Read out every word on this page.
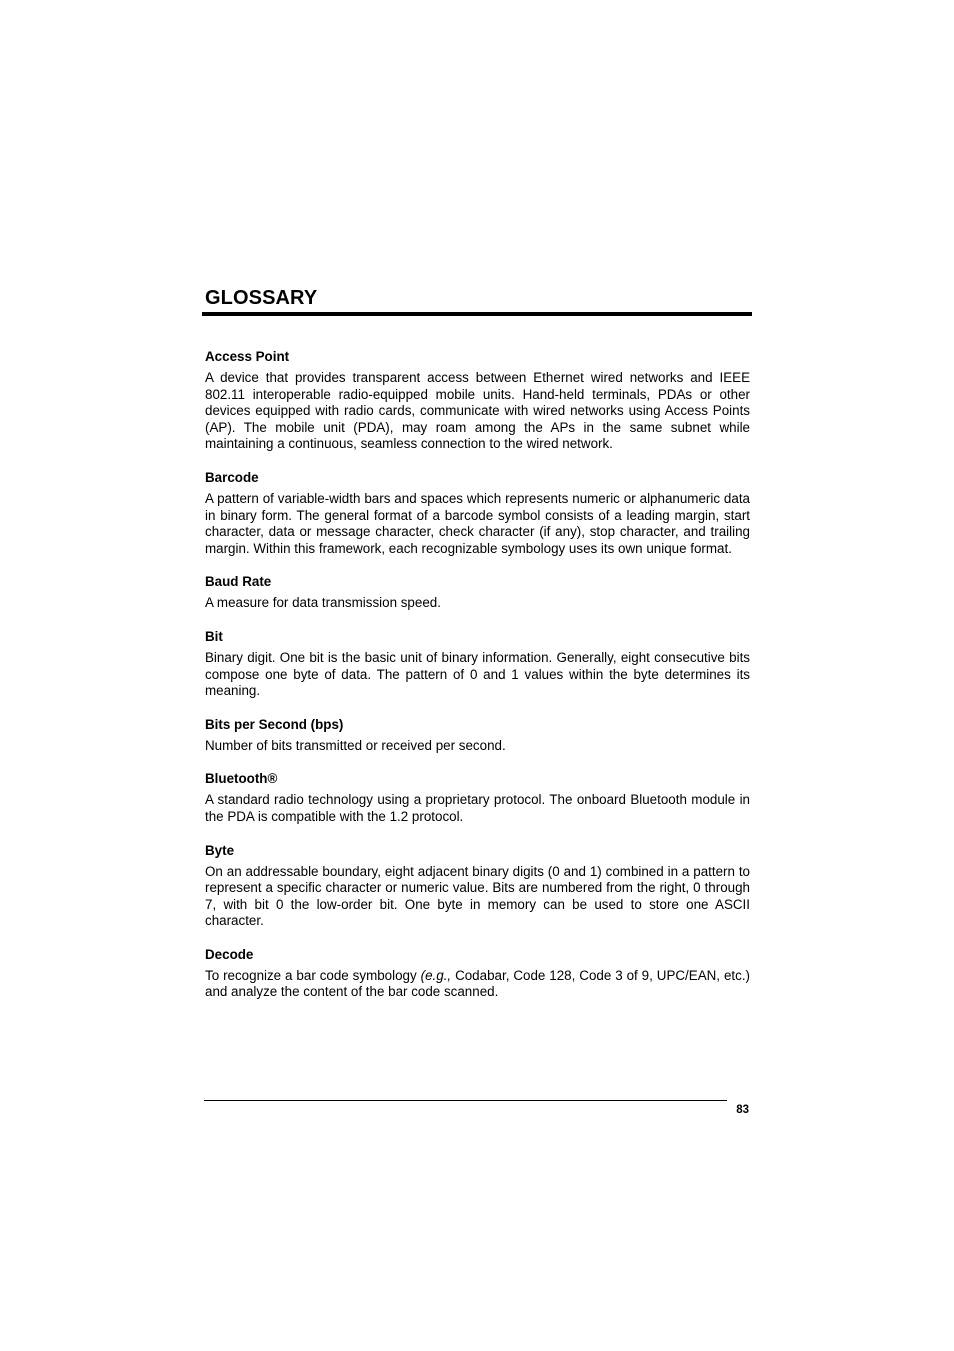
GLOSSARY
Access Point

A device that provides transparent access between Ethernet wired networks and IEEE 802.11 interoperable radio-equipped mobile units. Hand-held terminals, PDAs or other devices equipped with radio cards, communicate with wired networks using Access Points (AP). The mobile unit (PDA), may roam among the APs in the same subnet while maintaining a continuous, seamless connection to the wired network.

Barcode

A pattern of variable-width bars and spaces which represents numeric or alphanumeric data in binary form. The general format of a barcode symbol consists of a leading margin, start character, data or message character, check character (if any), stop character, and trailing margin. Within this framework, each recognizable symbology uses its own unique format.

Baud Rate

A measure for data transmission speed.

Bit

Binary digit. One bit is the basic unit of binary information. Generally, eight consecutive bits compose one byte of data. The pattern of 0 and 1 values within the byte determines its meaning.

Bits per Second (bps)

Number of bits transmitted or received per second.

Bluetooth®

A standard radio technology using a proprietary protocol. The onboard Bluetooth module in the PDA is compatible with the 1.2 protocol.

Byte

On an addressable boundary, eight adjacent binary digits (0 and 1) combined in a pattern to represent a specific character or numeric value. Bits are numbered from the right, 0 through 7, with bit 0 the low-order bit. One byte in memory can be used to store one ASCII character.

Decode

To recognize a bar code symbology (e.g., Codabar, Code 128, Code 3 of 9, UPC/EAN, etc.) and analyze the content of the bar code scanned.

83
